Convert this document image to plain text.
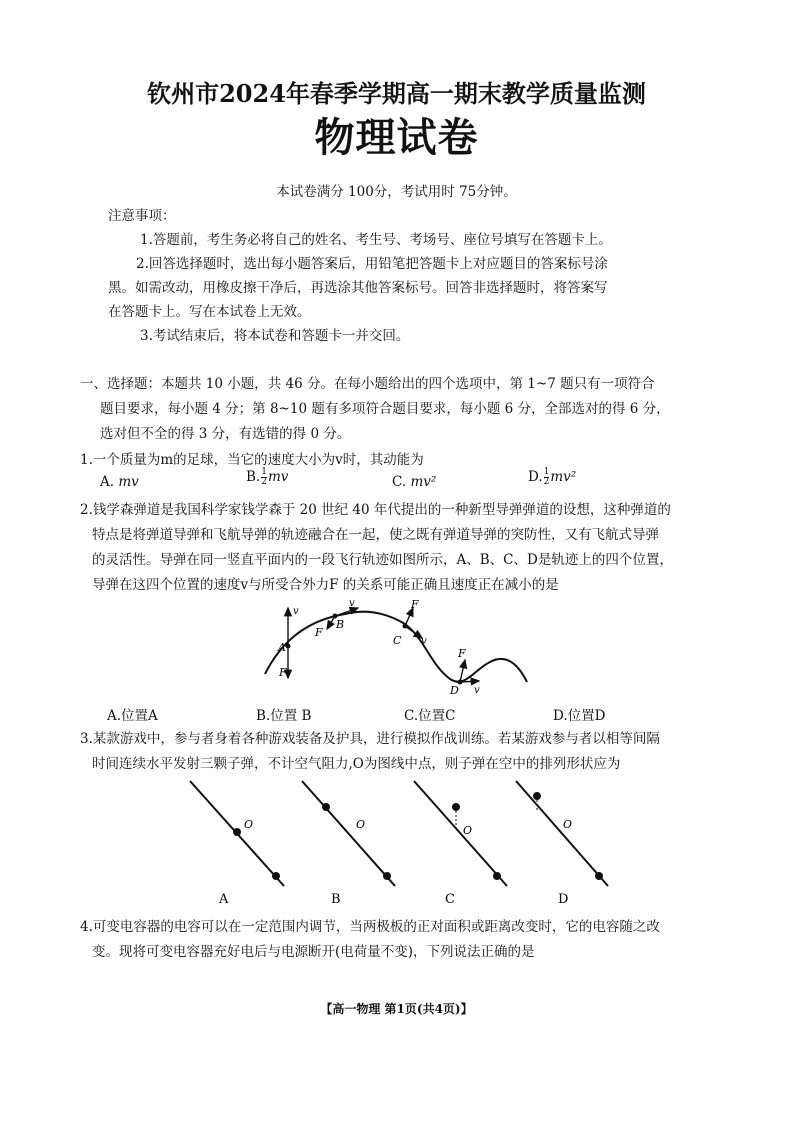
钦州市2024年春季学期高一期末教学质量监测
物理试卷
本试卷满分 100分，考试用时 75分钟。
注意事项：
1.答题前，考生务必将自己的姓名、考生号、考场号、座位号填写在答题卡上。
2.回答选择题时，选出每小题答案后，用铅笔把答题卡上对应题目的答案标号涂
黑。如需改动，用橡皮擦干净后，再选涂其他答案标号。回答非选择题时，将答案写
在答题卡上。写在本试卷上无效。
3.考试结束后，将本试卷和答题卡一并交回。
一、选择题：本题共 10 小题，共 46 分。在每小题给出的四个选项中，第 1~7 题只有一项符合
题目要求，每小题 4 分；第 8~10 题有多项符合题目要求，每小题 6 分，全部选对的得 6 分，
选对但不全的得 3 分，有选错的得 0 分。
1.一个质量为m的足球，当它的速度大小为v时，其动能为
A. mv	B. $\frac{1}{2}$ mv	C. mv²	D. $\frac{1}{2} mv^2$
2.钱学森弹道是我国科学家钱学森于 20 世纪 40 年代提出的一种新型导弹弹道的设想，这种弹道的
特点是将弹道导弹和飞航导弹的轨迹融合在一起，使之既有弹道导弹的突防性，又有飞航式导弹
的灵活性。导弹在同一竖直平面内的一段飞行轨迹如图所示，A、B、C、D是轨迹上的四个位置，
导弹在这四个位置的速度v与所受合外力F 的关系可能正确且速度正在减小的是
v
A
F
v
B
F
F
C v
F
D v
A.位置A	B.位置 B	C.位置C	D.位置D
3.某款游戏中，参与者身着各种游戏装备及护具，进行模拟作战训练。若某游戏参与者以相等间隔
时间连续水平发射三颗子弹，不计空气阻力,O为图线中点，则子弹在空中的排列形状应为
O
A
O
B
O
C
O
D
4.可变电容器的电容可以在一定范围内调节，当两极板的正对面积或距离改变时，它的电容随之改
变。现将可变电容器充好电后与电源断开(电荷量不变)，下列说法正确的是
【高一物理 第1页(共4页)】
